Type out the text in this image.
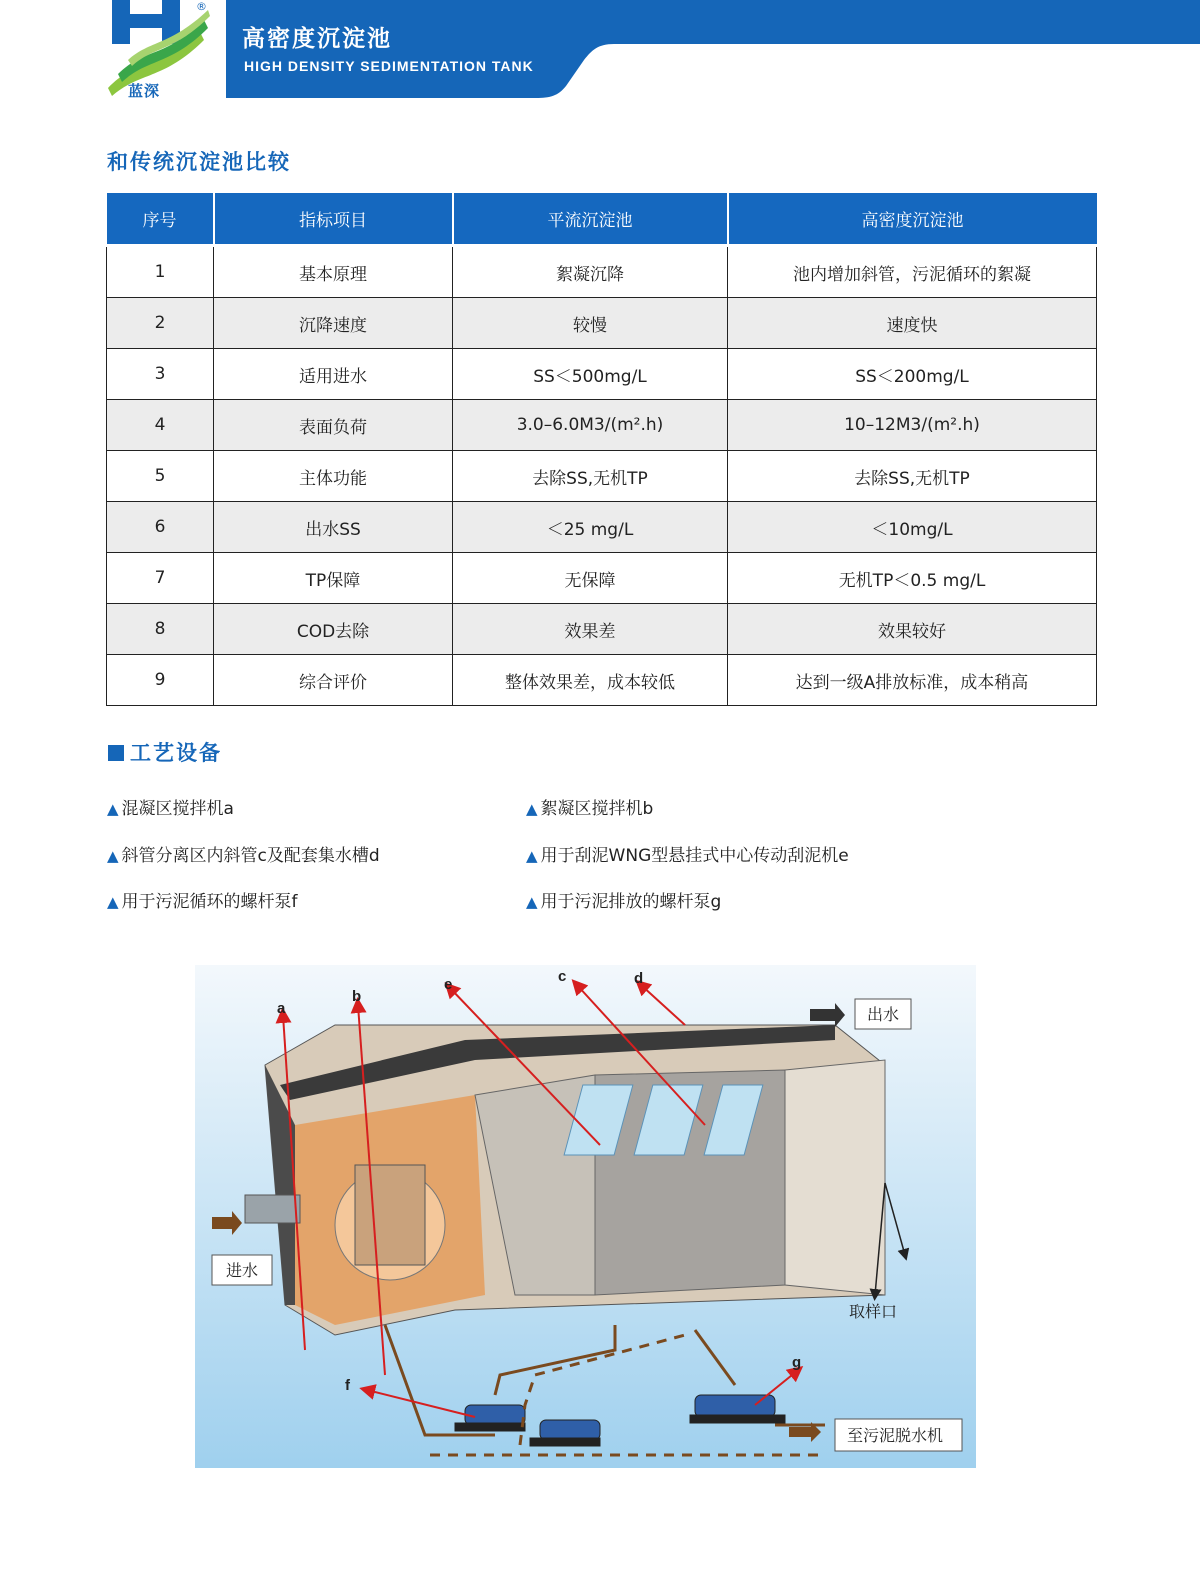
®
蓝深
高密度沉淀池
HIGH DENSITY SEDIMENTATION TANK
和传统沉淀池比较
序号	指标项目	平流沉淀池	高密度沉淀池
1	基本原理	絮凝沉降	池内增加斜管，污泥循环的絮凝
2	沉降速度	较慢	速度快
3	适用进水	SS＜500mg/L	SS＜200mg/L
4	表面负荷	3.0–6.0M3/(m².h)	10–12M3/(m².h)
5	主体功能	去除SS,无机TP	去除SS,无机TP
6	出水SS	＜25 mg/L	＜10mg/L
7	TP保障	无保障	无机TP＜0.5 mg/L
8	COD去除	效果差	效果较好
9	综合评价	整体效果差，成本较低	达到一级A排放标准，成本稍高
工艺设备
▲ 混凝区搅拌机a	▲ 絮凝区搅拌机b
▲ 斜管分离区内斜管c及配套集水槽d	▲ 用于刮泥WNG型悬挂式中心传动刮泥机e
▲ 用于污泥循环的螺杆泵f	▲ 用于污泥排放的螺杆泵g
a
b
c	d
e
f
g
进水
出水
取样口
至污泥脱水机
